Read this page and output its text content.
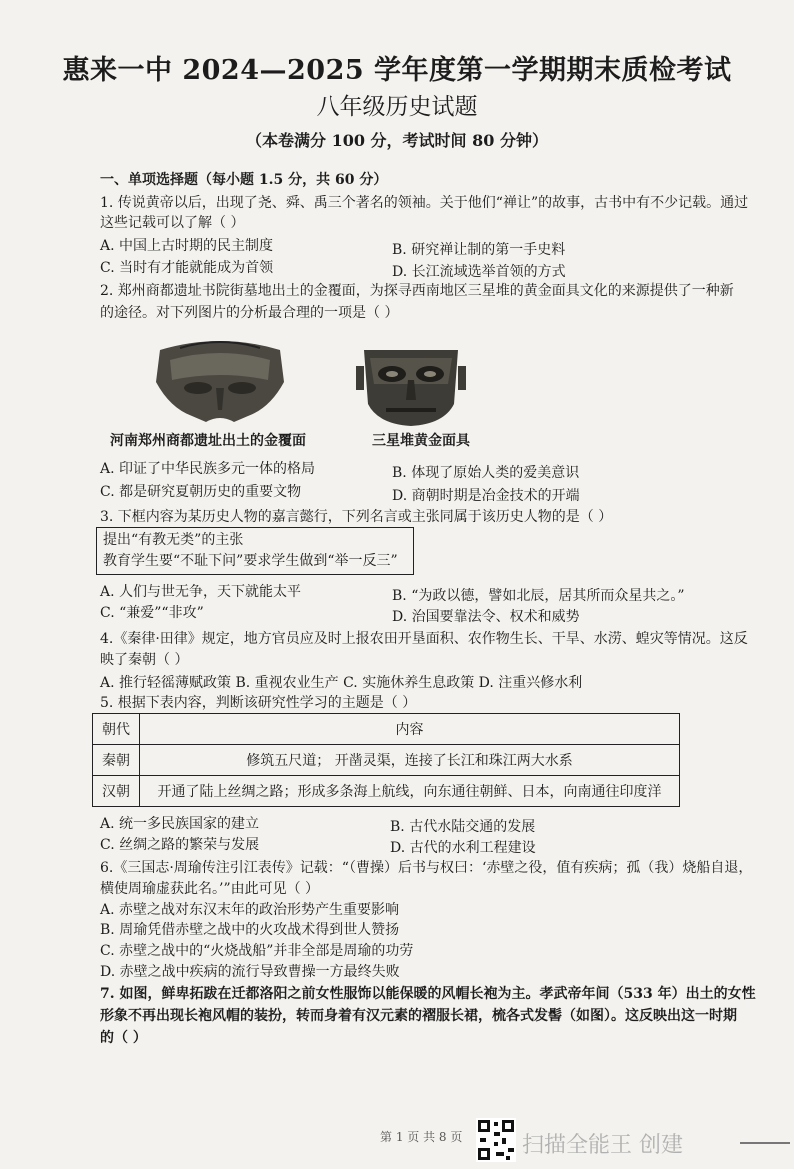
惠来一中 2024—2025 学年度第一学期期末质检考试
八年级历史试题
（本卷满分 100 分，考试时间 80 分钟）
一、单项选择题（每小题 1.5 分，共 60 分）
1. 传说黄帝以后，出现了尧、舜、禹三个著名的领袖。关于他们“禅让”的故事，古书中有不少记载。通过
这些记载可以了解（ ）
A. 中国上古时期的民主制度	B. 研究禅让制的第一手史料
C. 当时有才能就能成为首领	D. 长江流域选举首领的方式
2. 郑州商都遗址书院街墓地出土的金覆面，为探寻西南地区三星堆的黄金面具文化的来源提供了一种新
的途径。对下列图片的分析最合理的一项是（ ）
河南郑州商都遗址出土的金覆面	三星堆黄金面具
A. 印证了中华民族多元一体的格局	B. 体现了原始人类的爱美意识
C. 都是研究夏朝历史的重要文物	D. 商朝时期是冶金技术的开端
3. 下框内容为某历史人物的嘉言懿行，下列名言或主张同属于该历史人物的是（ ）
提出“有教无类”的主张
教育学生要“不耻下问”要求学生做到“举一反三”
A. 人们与世无争，天下就能太平	B. “为政以德，譬如北辰，居其所而众星共之。”
C. “兼爱”“非攻”	D. 治国要靠法令、权术和威势
4.《秦律·田律》规定，地方官员应及时上报农田开垦面积、农作物生长、干旱、水涝、蝗灾等情况。这反
映了秦朝（ ）
A. 推行轻徭薄赋政策 B. 重视农业生产 C. 实施休养生息政策 D. 注重兴修水利
5. 根据下表内容，判断该研究性学习的主题是（ ）
朝代	内容
秦朝	修筑五尺道； 开凿灵渠，连接了长江和珠江两大水系
汉朝	开通了陆上丝绸之路；形成多条海上航线，向东通往朝鲜、日本，向南通往印度洋
A. 统一多民族国家的建立	B. 古代水陆交通的发展
C. 丝绸之路的繁荣与发展	D. 古代的水利工程建设
6.《三国志·周瑜传注引江表传》记载：“（曹操）后书与权曰：‘赤壁之役，值有疾病；孤（我）烧船自退，
横使周瑜虚获此名。’”由此可见（ ）
A. 赤壁之战对东汉末年的政治形势产生重要影响
B. 周瑜凭借赤壁之战中的火攻战术得到世人赞扬
C. 赤壁之战中的“火烧战船”并非全部是周瑜的功劳
D. 赤壁之战中疾病的流行导致曹操一方最终失败
7. 如图，鲜卑拓跋在迁都洛阳之前女性服饰以能保暖的风帽长袍为主。孝武帝年间（533 年）出土的女性
形象不再出现长袍风帽的装扮，转而身着有汉元素的褶服长裙，梳各式发髻（如图）。这反映出这一时期
的（ ）
第 1 页 共 8 页	扫描全能王 创建
